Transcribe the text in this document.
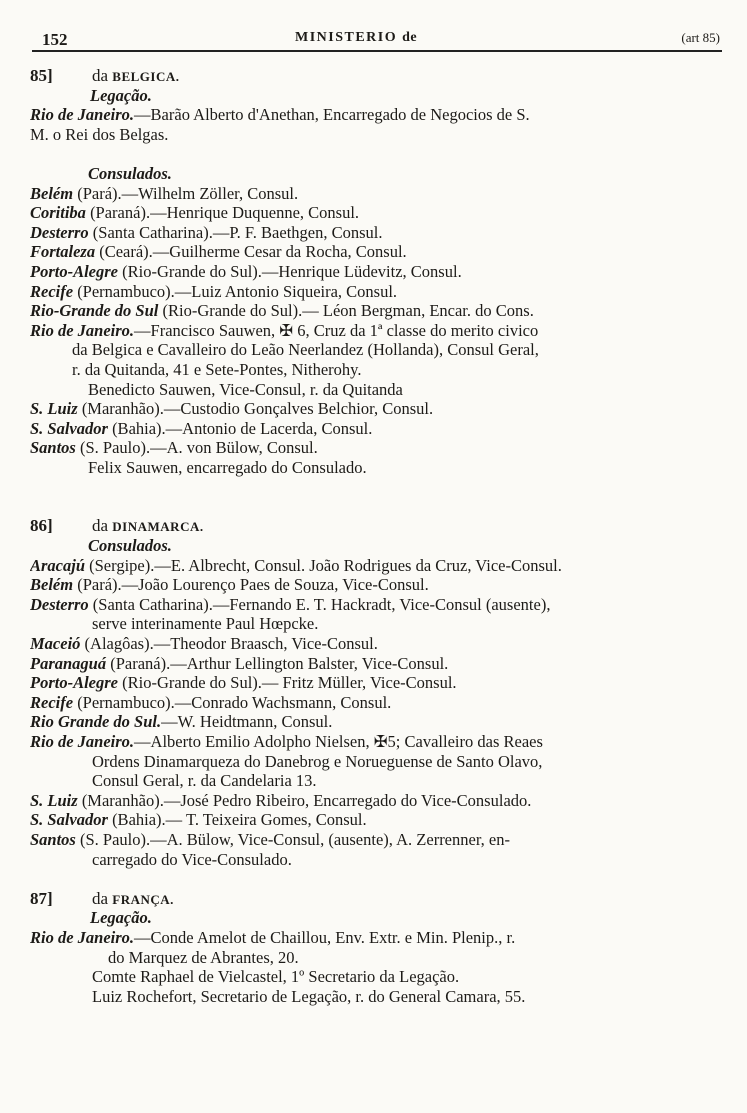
152	MINISTERIO de	(art 85)
85] da BELGICA.
Legação.
Rio de Janeiro.—Barão Alberto d'Anethan, Encarregado de Negocios de S.
M. o Rei dos Belgas.
Consulados.
Belém (Pará).—Wilhelm Zöller, Consul.
Coritiba (Paraná).—Henrique Duquenne, Consul.
Desterro (Santa Catharina).—P. F. Baethgen, Consul.
Fortaleza (Ceará).—Guilherme Cesar da Rocha, Consul.
Porto-Alegre (Rio-Grande do Sul).—Henrique Lüdevitz, Consul.
Recife (Pernambuco).—Luiz Antonio Siqueira, Consul.
Rio-Grande do Sul (Rio-Grande do Sul).— Léon Bergman, Encar. do Cons.
Rio de Janeiro.—Francisco Sauwen, ✠ 6, Cruz da 1ª classe do merito civico
da Belgica e Cavalleiro do Leão Neerlandez (Hollanda), Consul Geral,
r. da Quitanda, 41 e Sete-Pontes, Nitherohy.
Benedicto Sauwen, Vice-Consul, r. da Quitanda
S. Luiz (Maranhão).—Custodio Gonçalves Belchior, Consul.
S. Salvador (Bahia).—Antonio de Lacerda, Consul.
Santos (S. Paulo).—A. von Bülow, Consul.
Felix Sauwen, encarregado do Consulado.
86] da DINAMARCA.
Consulados.
Aracajú (Sergipe).—E. Albrecht, Consul. João Rodrigues da Cruz, Vice-Consul.
Belém (Pará).—João Lourenço Paes de Souza, Vice-Consul.
Desterro (Santa Catharina).—Fernando E. T. Hackradt, Vice-Consul (ausente),
serve interinamente Paul Hœpcke.
Maceió (Alagôas).—Theodor Braasch, Vice-Consul.
Paranaguá (Paraná).—Arthur Lellington Balster, Vice-Consul.
Porto-Alegre (Rio-Grande do Sul).— Fritz Müller, Vice-Consul.
Recife (Pernambuco).—Conrado Wachsmann, Consul.
Rio Grande do Sul.—W. Heidtmann, Consul.
Rio de Janeiro.—Alberto Emilio Adolpho Nielsen, ✠5; Cavalleiro das Reaes
Ordens Dinamarqueza do Danebrog e Norueguense de Santo Olavo,
Consul Geral, r. da Candelaria 13.
S. Luiz (Maranhão).—José Pedro Ribeiro, Encarregado do Vice-Consulado.
S. Salvador (Bahia).— T. Teixeira Gomes, Consul.
Santos (S. Paulo).—A. Bülow, Vice-Consul, (ausente), A. Zerrenner, en-
carregado do Vice-Consulado.
87] da FRANÇA.
Legação.
Rio de Janeiro.—Conde Amelot de Chaillou, Env. Extr. e Min. Plenip., r.
do Marquez de Abrantes, 20.
Comte Raphael de Vielcastel, 1º Secretario da Legação.
Luiz Rochefort, Secretario de Legação, r. do General Camara, 55.
